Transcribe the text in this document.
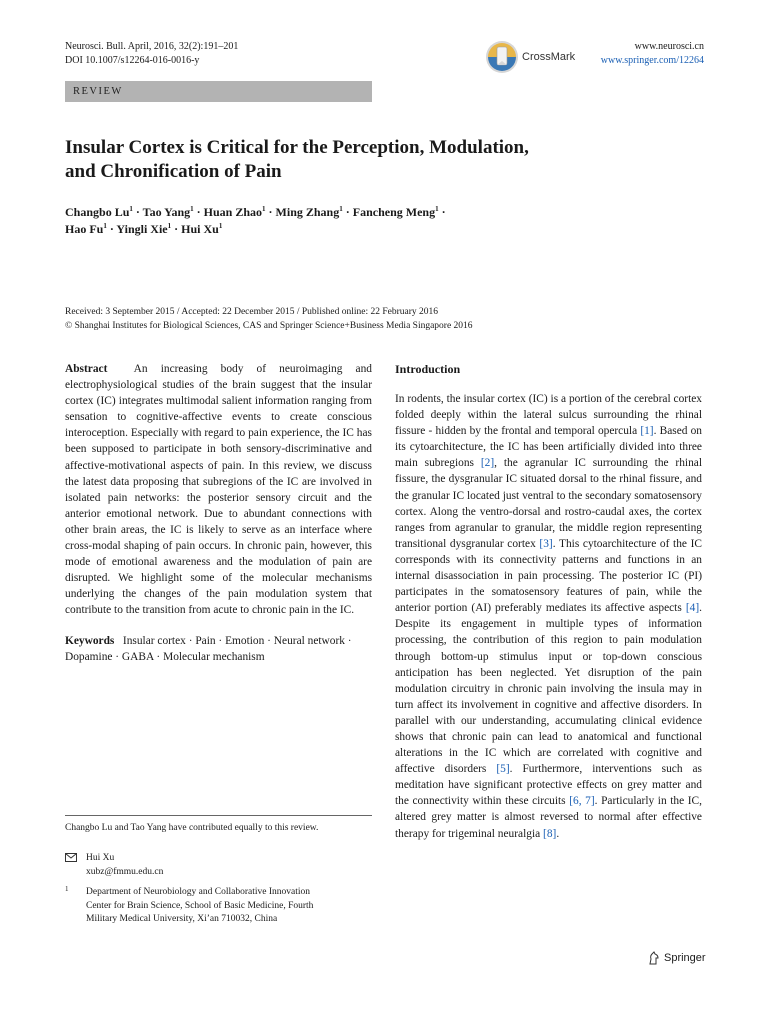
Neurosci. Bull. April, 2016, 32(2):191–201
DOI 10.1007/s12264-016-0016-y	CrossMark
www.neurosci.cn
www.springer.com/12264
REVIEW
Insular Cortex is Critical for the Perception, Modulation,
and Chronification of Pain
Changbo $Lu^1$ · Tao Yang$^1$ · Huan Zhao$^1$ · Ming Zhang$^1$ · Fancheng Meng$^1$ ·
Hao $Fu^1$ · Yingli Xie$^1$ · Hui Xu$^1$
Received: 3 September 2015 / Accepted: 22 December 2015 / Published online: 22 February 2016
© Shanghai Institutes for Biological Sciences, CAS and Springer Science+Business Media Singapore 2016

Abstract An increasing body of neuroimaging and electrophysiological studies of the brain suggest that the insular cortex (IC) integrates multimodal salient information ranging from sensation to cognitive-affective events to create conscious interoception. Especially with regard to pain experience, the IC has been supposed to participate in both sensory-discriminative and affective-motivational aspects of pain. In this review, we discuss the latest data proposing that subregions of the IC are involved in isolated pain networks: the posterior sensory circuit and the anterior emotional network. Due to abundant connections with other brain areas, the IC is likely to serve as an interface where cross-modal shaping of pain occurs. In chronic pain, however, this mode of emotional awareness and the modulation of pain are disrupted. We highlight some of the molecular mechanisms underlying the changes of the pain modulation system that contribute to the transition from acute to chronic pain in the IC.

Keywords Insular cortex · Pain · Emotion · Neural network · Dopamine · GABA · Molecular mechanism

Changbo Lu and Tao Yang have contributed equally to this review.
Hui Xu
xubz@fmmu.edu.cn
1 Department of Neurobiology and Collaborative Innovation
Center for Brain Science, School of Basic Medicine, Fourth
Military Medical University, Xi’an 710032, China
Introduction

In rodents, the insular cortex (IC) is a portion of the cerebral cortex folded deeply within the lateral sulcus surrounding the rhinal fissure - hidden by the frontal and temporal opercula [1]. Based on its cytoarchitecture, the IC has been artificially divided into three main subregions [2], the agranular IC surrounding the rhinal fissure, the dysgranular IC situated dorsal to the rhinal fissure, and the granular IC located just ventral to the secondary somatosensory cortex. Along the ventro-dorsal and rostro-caudal axes, the cortex ranges from agranular to granular, the middle region representing transitional dysgranular cortex [3]. This cytoarchitecture of the IC corresponds with its connectivity patterns and functions in an internal disassociation in pain processing. The posterior IC (PI) participates in the somatosensory features of pain, while the anterior portion (AI) preferably mediates its affective aspects [4]. Despite its engagement in multiple types of information processing, the contribution of this region to pain modulation through bottom-up stimulus input or top-down conscious anticipation has been neglected. Yet disruption of the pain modulation circuitry in chronic pain involving the insula may in turn affect its involvement in cognitive and affective disorders. In parallel with our understanding, accumulating clinical evidence shows that chronic pain can lead to anatomical and functional alterations in the IC which are correlated with cognitive and affective disorders [5]. Furthermore, interventions such as meditation have significant protective effects on grey matter and the connectivity within these circuits [6, 7]. Particularly in the IC, altered grey matter is almost reversed to normal after effective therapy for trigeminal neuralgia [8].

Springer
